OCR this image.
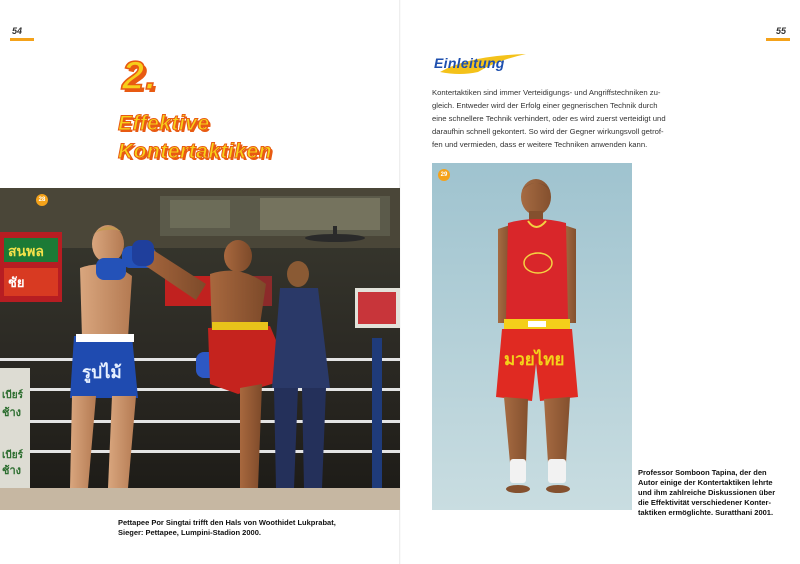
54	55
2.
Effektive
Kontertaktiken
สนพล
ชัย
เบียร์
ช้าง
เบียร์
ช้าง
รูปไม้
28
Pettapee Por Singtai trifft den Hals von Woothidet Lukprabat,
Sieger: Pettapee, Lumpini-Stadion 2000.
Einleitung
Kontertaktiken sind immer Verteidigungs- und Angriffstechniken zu-
gleich. Entweder wird der Erfolg einer gegnerischen Technik durch
eine schnellere Technik verhindert, oder es wird zuerst verteidigt und
daraufhin schnell gekontert. So wird der Gegner wirkungsvoll getrof-
fen und vermieden, dass er weitere Techniken anwenden kann.
มวยไทย
29
Professor Somboon Tapina, der den
Autor einige der Kontertaktiken lehrte
und ihm zahlreiche Diskussionen über
die Effektivität verschiedener Konter-
taktiken ermöglichte. Suratthani 2001.
